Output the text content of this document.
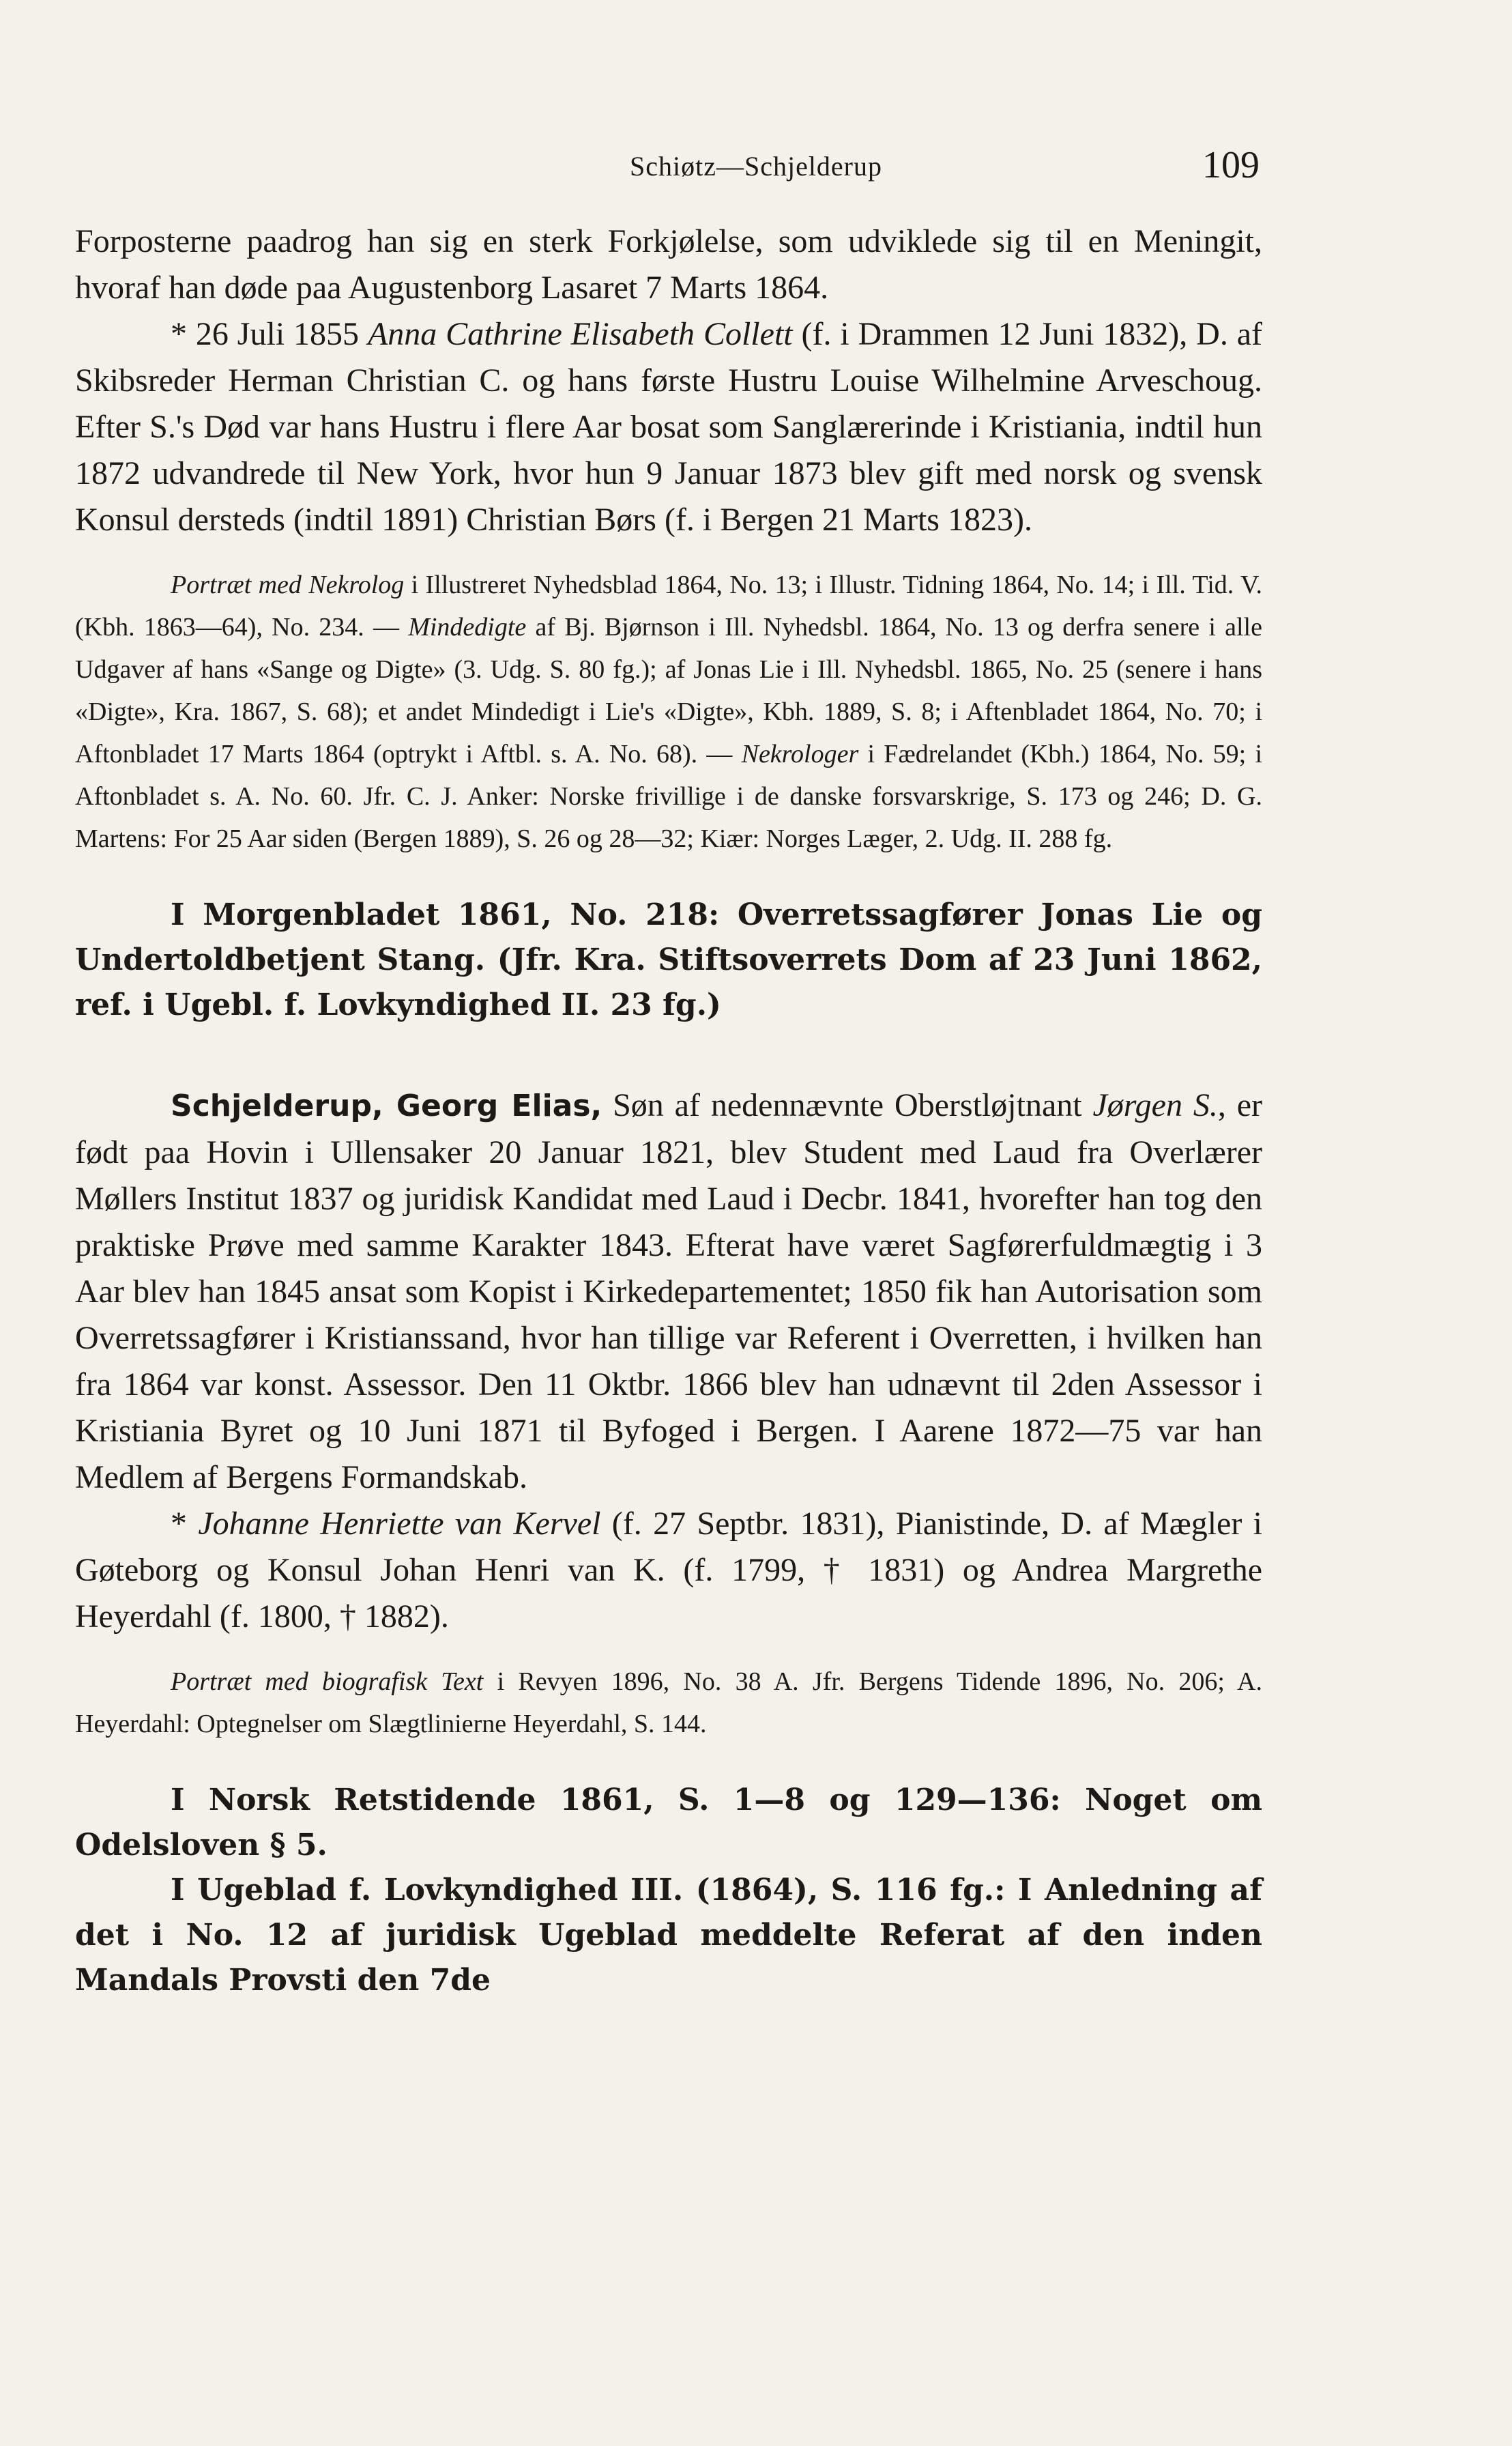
Schiøtz—Schjelderup	109

Forposterne paadrog han sig en sterk Forkjølelse, som udviklede sig til en Meningit, hvoraf han døde paa Augustenborg Lasaret 7 Marts 1864.

* 26 Juli 1855 Anna Cathrine Elisabeth Collett (f. i Drammen 12 Juni 1832), D. af Skibsreder Herman Christian C. og hans første Hustru Louise Wilhelmine Arveschoug. Efter S.'s Død var hans Hustru i flere Aar bosat som Sanglærerinde i Kristiania, indtil hun 1872 udvandrede til New York, hvor hun 9 Januar 1873 blev gift med norsk og svensk Konsul dersteds (indtil 1891) Christian Børs (f. i Bergen 21 Marts 1823).

Portræt med Nekrolog i Illustreret Nyhedsblad 1864, No. 13; i Illustr. Tidning 1864, No. 14; i Ill. Tid. V. (Kbh. 1863—64), No. 234. — Mindedigte af Bj. Bjørnson i Ill. Nyhedsbl. 1864, No. 13 og derfra senere i alle Udgaver af hans «Sange og Digte» (3. Udg. S. 80 fg.); af Jonas Lie i Ill. Nyhedsbl. 1865, No. 25 (senere i hans «Digte», Kra. 1867, S. 68); et andet Mindedigt i Lie's «Digte», Kbh. 1889, S. 8; i Aftenbladet 1864, No. 70; i Aftonbladet 17 Marts 1864 (optrykt i Aftbl. s. A. No. 68). — Nekrologer i Fædrelandet (Kbh.) 1864, No. 59; i Aftonbladet s. A. No. 60. Jfr. C. J. Anker: Norske frivillige i de danske forsvarskrige, S. 173 og 246; D. G. Martens: For 25 Aar siden (Bergen 1889), S. 26 og 28—32; Kiær: Norges Læger, 2. Udg. II. 288 fg.

I Morgenbladet 1861, No. 218: Overretssagfører Jonas Lie og Undertoldbetjent Stang. (Jfr. Kra. Stiftsoverrets Dom af 23 Juni 1862, ref. i Ugebl. f. Lovkyndighed II. 23 fg.)

Schjelderup, Georg Elias, Søn af nedennævnte Oberstløjtnant Jørgen S., er født paa Hovin i Ullensaker 20 Januar 1821, blev Student med Laud fra Overlærer Møllers Institut 1837 og juridisk Kandidat med Laud i Decbr. 1841, hvorefter han tog den praktiske Prøve med samme Karakter 1843. Efterat have været Sagførerfuldmægtig i 3 Aar blev han 1845 ansat som Kopist i Kirkedepartementet; 1850 fik han Autorisation som Overretssagfører i Kristianssand, hvor han tillige var Referent i Overretten, i hvilken han fra 1864 var konst. Assessor. Den 11 Oktbr. 1866 blev han udnævnt til 2den Assessor i Kristiania Byret og 10 Juni 1871 til Byfoged i Bergen. I Aarene 1872—75 var han Medlem af Bergens Formandskab.

* Johanne Henriette van Kervel (f. 27 Septbr. 1831), Pianistinde, D. af Mægler i Gøteborg og Konsul Johan Henri van K. (f. 1799, † 1831) og Andrea Margrethe Heyerdahl (f. 1800, † 1882).

Portræt med biografisk Text i Revyen 1896, No. 38 A. Jfr. Bergens Tidende 1896, No. 206; A. Heyerdahl: Optegnelser om Slægtlinierne Heyerdahl, S. 144.

I Norsk Retstidende 1861, S. 1—8 og 129—136: Noget om Odelsloven § 5.

I Ugeblad f. Lovkyndighed III. (1864), S. 116 fg.: I Anledning af det i No. 12 af juridisk Ugeblad meddelte Referat af den inden Mandals Provsti den 7de
